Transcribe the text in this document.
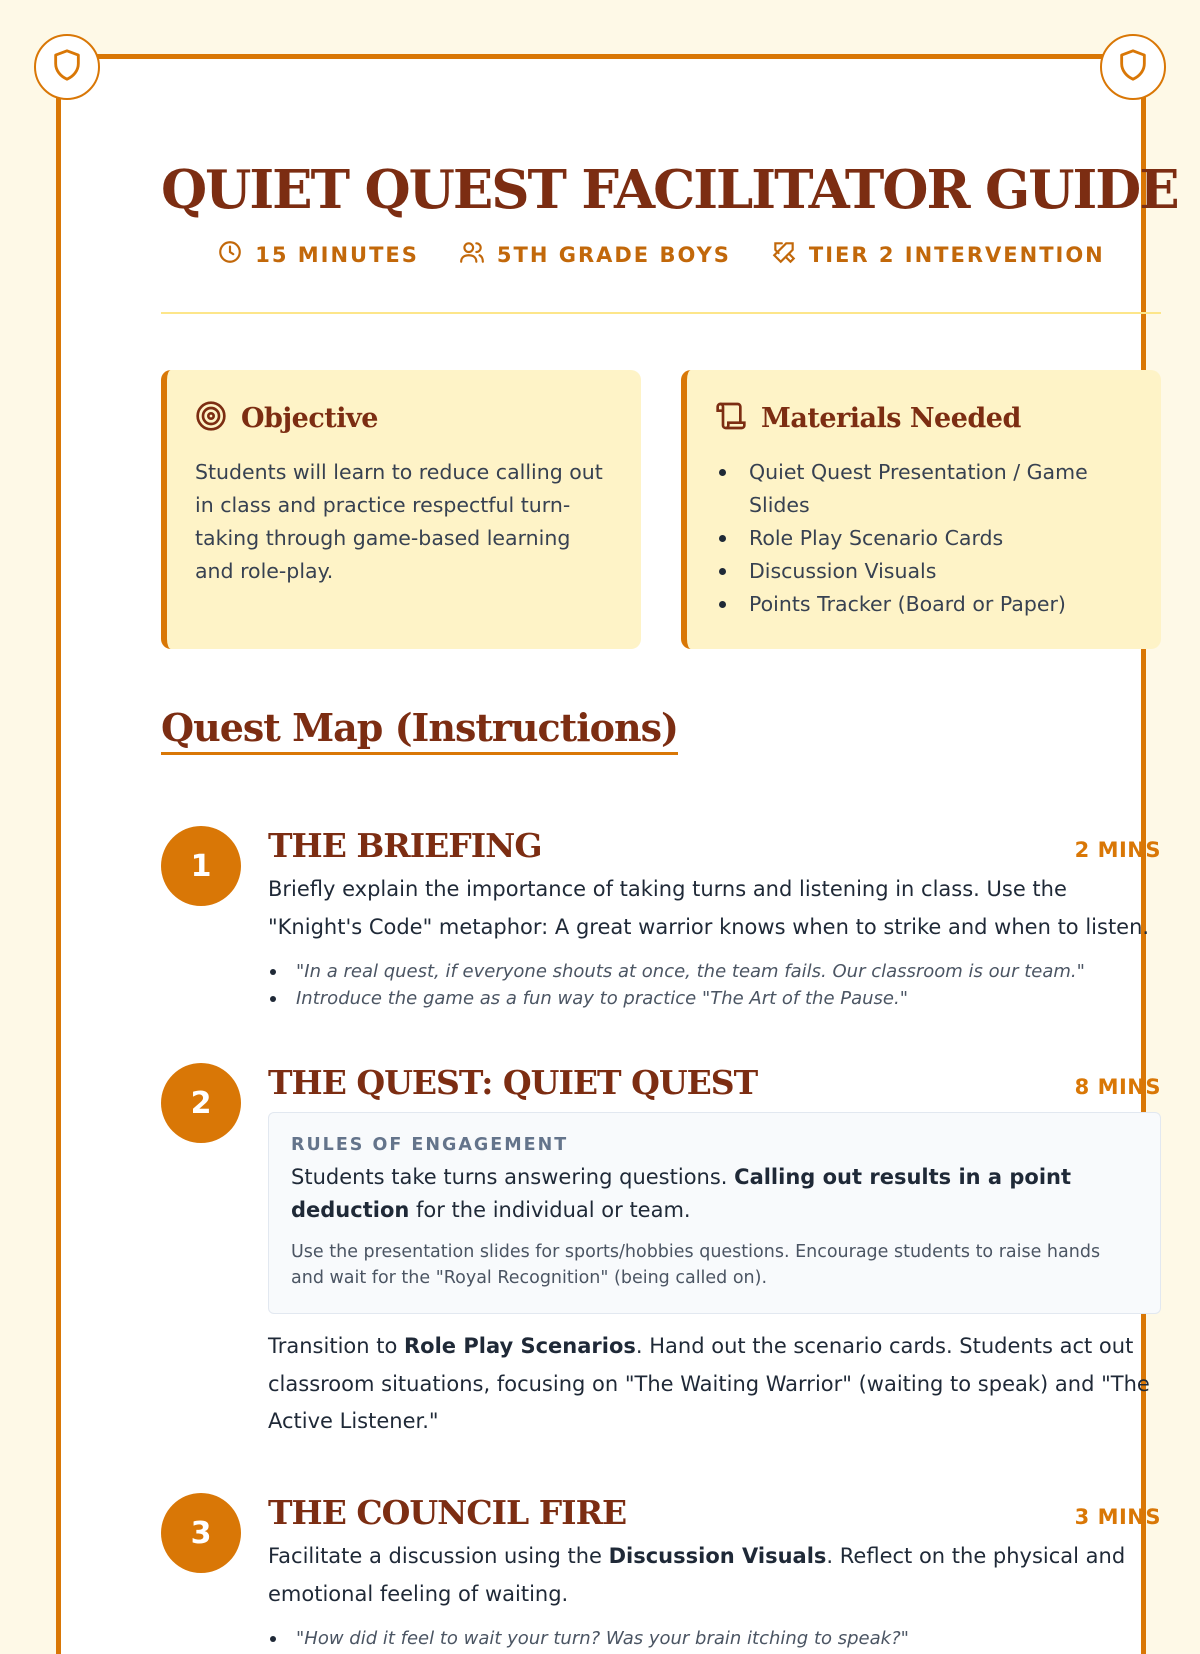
QUIET QUEST FACILITATOR GUIDE
15 MINUTES	5TH GRADE BOYS	TIER 2 INTERVENTION
Objective

Students will learn to reduce calling out in class and practice respectful turn-taking through game-based learning and role-play.

Materials Needed
Quiet Quest Presentation / Game Slides
Role Play Scenario Cards
Discussion Visuals
Points Tracker (Board or Paper)
Quest Map (Instructions)
1
THE BRIEFING	2 MINS

Briefly explain the importance of taking turns and listening in class. Use the "Knight's Code" metaphor: A great warrior knows when to strike and when to listen.

"In a real quest, if everyone shouts at once, the team fails. Our classroom is our team."
Introduce the game as a fun way to practice "The Art of the Pause."
2
THE QUEST: QUIET QUEST	8 MINS
RULES OF ENGAGEMENT

Students take turns answering questions. Calling out results in a point deduction for the individual or team.

Use the presentation slides for sports/hobbies questions. Encourage students to raise hands and wait for the "Royal Recognition" (being called on).

Transition to Role Play Scenarios. Hand out the scenario cards. Students act out classroom situations, focusing on "The Waiting Warrior" (waiting to speak) and "The Active Listener."

3
THE COUNCIL FIRE	3 MINS

Facilitate a discussion using the Discussion Visuals. Reflect on the physical and emotional feeling of waiting.

"How did it feel to wait your turn? Was your brain itching to speak?"
